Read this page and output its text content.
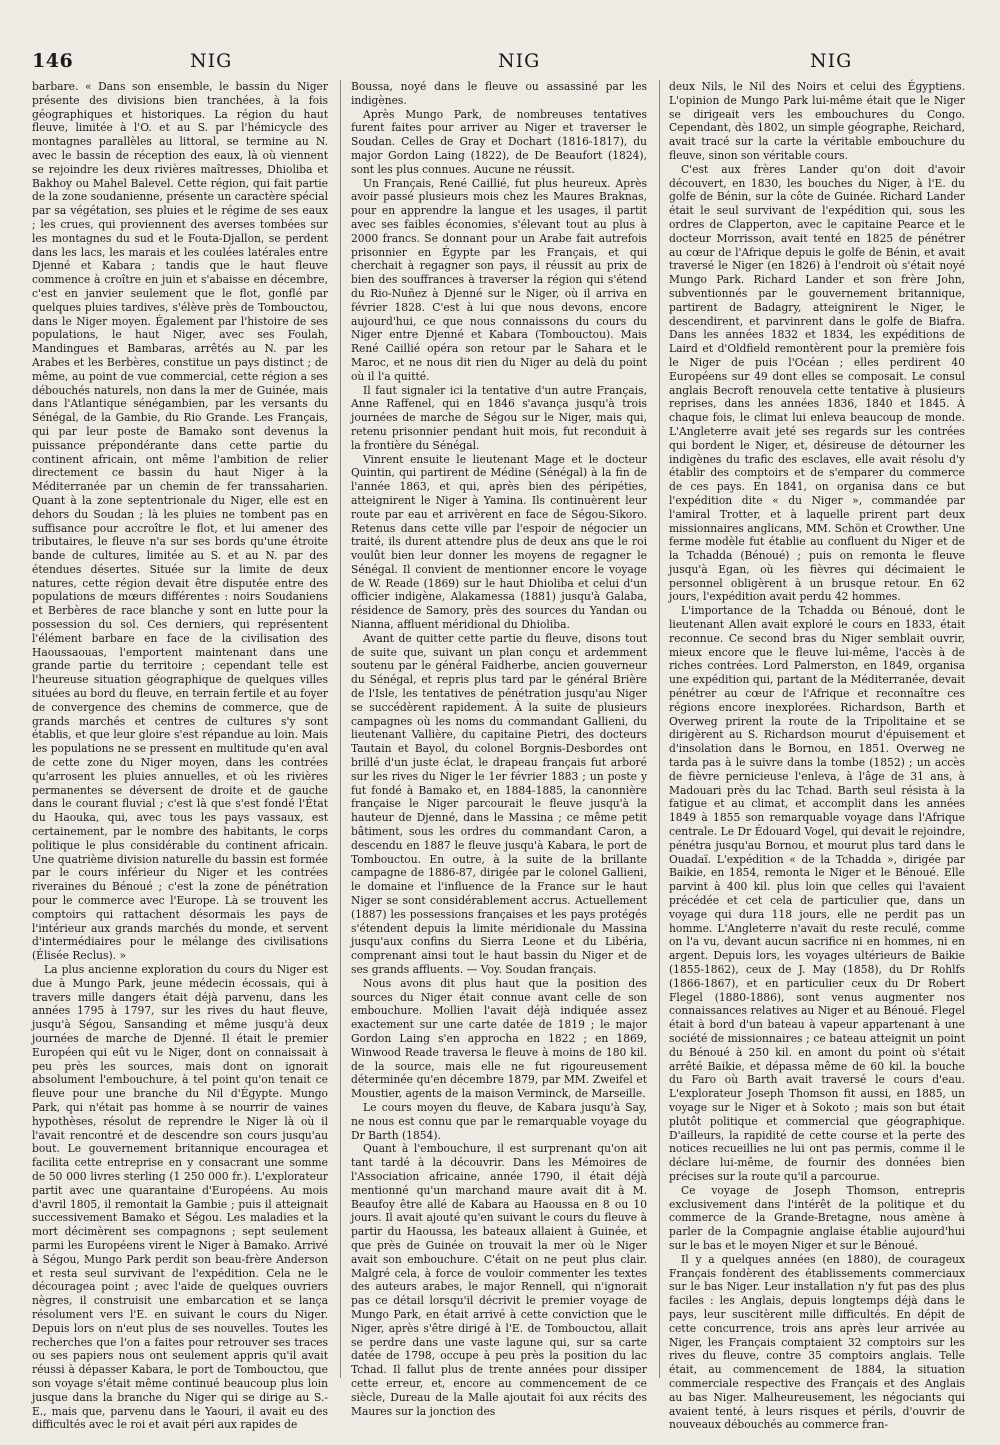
146	NIG	NIG	NIG

barbare. « Dans son ensemble, le bassin du Niger présente des divisions bien tranchées, à la fois géographiques et historiques. La région du haut fleuve, limitée à l'O. et au S. par l'hémicycle des montagnes parallèles au littoral, se termine au N. avec le bassin de réception des eaux, là où viennent se rejoindre les deux rivières maîtresses, Dhioliba et Bakhoy ou Mahel Balevel. Cette région, qui fait partie de la zone soudanienne, présente un caractère spécial par sa végétation, ses pluies et le régime de ses eaux ; les crues, qui proviennent des averses tombées sur les montagnes du sud et le Fouta-Djallon, se perdent dans les lacs, les marais et les coulées latérales entre Djenné et Kabara ; tandis que le haut fleuve commence à croître en juin et s'abaisse en décembre, c'est en janvier seulement que le flot, gonflé par quelques pluies tardives, s'élève près de Tombouctou, dans le Niger moyen. Également par l'histoire de ses populations, le haut Niger, avec ses Foulah, Mandingues et Bambaras, arrêtés au N. par les Arabes et les Berbères, constitue un pays distinct ; de même, au point de vue commercial, cette région a ses débouchés naturels, non dans la mer de Guinée, mais dans l'Atlantique sénégambien, par les versants du Sénégal, de la Gambie, du Rio Grande. Les Français, qui par leur poste de Bamako sont devenus la puissance prépondérante dans cette partie du continent africain, ont même l'ambition de relier directement ce bassin du haut Niger à la Méditerranée par un chemin de fer transsaharien. Quant à la zone septentrionale du Niger, elle est en dehors du Soudan ; là les pluies ne tombent pas en suffisance pour accroître le flot, et lui amener des tributaires, le fleuve n'a sur ses bords qu'une étroite bande de cultures, limitée au S. et au N. par des étendues désertes. Située sur la limite de deux natures, cette région devait être disputée entre des populations de mœurs différentes : noirs Soudaniens et Berbères de race blanche y sont en lutte pour la possession du sol. Ces derniers, qui représentent l'élément barbare en face de la civilisation des Haoussaouas, l'emportent maintenant dans une grande partie du territoire ; cependant telle est l'heureuse situation géographique de quelques villes situées au bord du fleuve, en terrain fertile et au foyer de convergence des chemins de commerce, que de grands marchés et centres de cultures s'y sont établis, et que leur gloire s'est répandue au loin. Mais les populations ne se pressent en multitude qu'en aval de cette zone du Niger moyen, dans les contrées qu'arrosent les pluies annuelles, et où les rivières permanentes se déversent de droite et de gauche dans le courant fluvial ; c'est là que s'est fondé l'État du Haouka, qui, avec tous les pays vassaux, est certainement, par le nombre des habitants, le corps politique le plus considérable du continent africain. Une quatrième division naturelle du bassin est formée par le cours inférieur du Niger et les contrées riveraines du Bénoué ; c'est la zone de pénétration pour le commerce avec l'Europe. Là se trouvent les comptoirs qui rattachent désormais les pays de l'intérieur aux grands marchés du monde, et servent d'intermédiaires pour le mélange des civilisations (Élisée Reclus). »

La plus ancienne exploration du cours du Niger est due à Mungo Park, jeune médecin écossais, qui à travers mille dangers était déjà parvenu, dans les années 1795 à 1797, sur les rives du haut fleuve, jusqu'à Ségou, Sansanding et même jusqu'à deux journées de marche de Djenné. Il était le premier Européen qui eût vu le Niger, dont on connaissait à peu près les sources, mais dont on ignorait absolument l'embouchure, à tel point qu'on tenait ce fleuve pour une branche du Nil d'Égypte. Mungo Park, qui n'était pas homme à se nourrir de vaines hypothèses, résolut de reprendre le Niger là où il l'avait rencontré et de descendre son cours jusqu'au bout. Le gouvernement britannique encouragea et facilita cette entreprise en y consacrant une somme de 50 000 livres sterling (1 250 000 fr.). L'explorateur partit avec une quarantaine d'Européens. Au mois d'avril 1805, il remontait la Gambie ; puis il atteignait successivement Bamako et Ségou. Les maladies et la mort décimèrent ses compagnons ; sept seulement parmi les Européens virent le Niger à Bamako. Arrivé à Ségou, Mungo Park perdit son beau-frère Anderson et resta seul survivant de l'expédition. Cela ne le découragea point ; avec l'aide de quelques ouvriers nègres, il construisit une embarcation et se lança résolument vers l'E. en suivant le cours du Niger. Depuis lors on n'eut plus de ses nouvelles. Toutes les recherches que l'on a faites pour retrouver ses traces ou ses papiers nous ont seulement appris qu'il avait réussi à dépasser Kabara, le port de Tombouctou, que son voyage s'était même continué beaucoup plus loin jusque dans la branche du Niger qui se dirige au S.-E., mais que, parvenu dans le Yaouri, il avait eu des difficultés avec le roi et avait péri aux rapides de

Boussa, noyé dans le fleuve ou assassiné par les indigènes.

Après Mungo Park, de nombreuses tentatives furent faites pour arriver au Niger et traverser le Soudan. Celles de Gray et Dochart (1816-1817), du major Gordon Laing (1822), de De Beaufort (1824), sont les plus connues. Aucune ne réussit.

Un Français, René Caillié, fut plus heureux. Après avoir passé plusieurs mois chez les Maures Braknas, pour en apprendre la langue et les usages, il partit avec ses faibles économies, s'élevant tout au plus à 2000 francs. Se donnant pour un Arabe fait autrefois prisonnier en Égypte par les Français, et qui cherchait à regagner son pays, il réussit au prix de bien des souffrances à traverser la région qui s'étend du Rio-Nuñez à Djenné sur le Niger, où il arriva en février 1828. C'est à lui que nous devons, encore aujourd'hui, ce que nous connaissons du cours du Niger entre Djenné et Kabara (Tombouctou). Mais René Caillié opéra son retour par le Sahara et le Maroc, et ne nous dit rien du Niger au delà du point où il l'a quitté.

Il faut signaler ici la tentative d'un autre Français, Anne Raffenel, qui en 1846 s'avança jusqu'à trois journées de marche de Ségou sur le Niger, mais qui, retenu prisonnier pendant huit mois, fut reconduit à la frontière du Sénégal.

Vinrent ensuite le lieutenant Mage et le docteur Quintin, qui partirent de Médine (Sénégal) à la fin de l'année 1863, et qui, après bien des péripéties, atteignirent le Niger à Yamina. Ils continuèrent leur route par eau et arrivèrent en face de Ségou-Sikoro. Retenus dans cette ville par l'espoir de négocier un traité, ils durent attendre plus de deux ans que le roi voulût bien leur donner les moyens de regagner le Sénégal. Il convient de mentionner encore le voyage de W. Reade (1869) sur le haut Dhioliba et celui d'un officier indigène, Alakamessa (1881) jusqu'à Galaba, résidence de Samory, près des sources du Yandan ou Nianna, affluent méridional du Dhioliba.

Avant de quitter cette partie du fleuve, disons tout de suite que, suivant un plan conçu et ardemment soutenu par le général Faidherbe, ancien gouverneur du Sénégal, et repris plus tard par le général Brière de l'Isle, les tentatives de pénétration jusqu'au Niger se succédèrent rapidement. À la suite de plusieurs campagnes où les noms du commandant Gallieni, du lieutenant Vallière, du capitaine Pietri, des docteurs Tautain et Bayol, du colonel Borgnis-Desbordes ont brillé d'un juste éclat, le drapeau français fut arboré sur les rives du Niger le 1er février 1883 ; un poste y fut fondé à Bamako et, en 1884-1885, la canonnière française le Niger parcourait le fleuve jusqu'à la hauteur de Djenné, dans le Massina ; ce même petit bâtiment, sous les ordres du commandant Caron, a descendu en 1887 le fleuve jusqu'à Kabara, le port de Tombouctou. En outre, à la suite de la brillante campagne de 1886-87, dirigée par le colonel Gallieni, le domaine et l'influence de la France sur le haut Niger se sont considérablement accrus. Actuellement (1887) les possessions françaises et les pays protégés s'étendent depuis la limite méridionale du Massina jusqu'aux confins du Sierra Leone et du Libéria, comprenant ainsi tout le haut bassin du Niger et de ses grands affluents. — Voy. Soudan français.

Nous avons dit plus haut que la position des sources du Niger était connue avant celle de son embouchure. Mollien l'avait déjà indiquée assez exactement sur une carte datée de 1819 ; le major Gordon Laing s'en approcha en 1822 ; en 1869, Winwood Reade traversa le fleuve à moins de 180 kil. de la source, mais elle ne fut rigoureusement déterminée qu'en décembre 1879, par MM. Zweifel et Moustier, agents de la maison Verminck, de Marseille.

Le cours moyen du fleuve, de Kabara jusqu'à Say, ne nous est connu que par le remarquable voyage du Dr Barth (1854).

Quant à l'embouchure, il est surprenant qu'on ait tant tardé à la découvrir. Dans les Mémoires de l'Association africaine, année 1790, il était déjà mentionné qu'un marchand maure avait dit à M. Beaufoy être allé de Kabara au Haoussa en 8 ou 10 jours. Il avait ajouté qu'en suivant le cours du fleuve à partir du Haoussa, les bateaux allaient à Guinée, et que près de Guinée on trouvait la mer où le Niger avait son embouchure. C'était on ne peut plus clair. Malgré cela, à force de vouloir commenter les textes des auteurs arabes, le major Rennell, qui n'ignorait pas ce détail lorsqu'il décrivit le premier voyage de Mungo Park, en était arrivé à cette conviction que le Niger, après s'être dirigé à l'E. de Tombouctou, allait se perdre dans une vaste lagune qui, sur sa carte datée de 1798, occupe à peu près la position du lac Tchad. Il fallut plus de trente années pour dissiper cette erreur, et, encore au commencement de ce siècle, Dureau de la Malle ajoutait foi aux récits des Maures sur la jonction des

deux Nils, le Nil des Noirs et celui des Égyptiens. L'opinion de Mungo Park lui-même était que le Niger se dirigeait vers les embouchures du Congo. Cependant, dès 1802, un simple géographe, Reichard, avait tracé sur la carte la véritable embouchure du fleuve, sinon son véritable cours.

C'est aux frères Lander qu'on doit d'avoir découvert, en 1830, les bouches du Niger, à l'E. du golfe de Bénin, sur la côte de Guinée. Richard Lander était le seul survivant de l'expédition qui, sous les ordres de Clapperton, avec le capitaine Pearce et le docteur Morrisson, avait tenté en 1825 de pénétrer au cœur de l'Afrique depuis le golfe de Bénin, et avait traversé le Niger (en 1826) à l'endroit où s'était noyé Mungo Park. Richard Lander et son frère John, subventionnés par le gouvernement britannique, partirent de Badagry, atteignirent le Niger, le descendirent, et parvinrent dans le golfe de Biafra. Dans les années 1832 et 1834, les expéditions de Laird et d'Oldfield remontèrent pour la première fois le Niger de puis l'Océan ; elles perdirent 40 Européens sur 49 dont elles se composait. Le consul anglais Becroft renouvela cette tentative à plusieurs reprises, dans les années 1836, 1840 et 1845. À chaque fois, le climat lui enleva beaucoup de monde. L'Angleterre avait jeté ses regards sur les contrées qui bordent le Niger, et, désireuse de détourner les indigènes du trafic des esclaves, elle avait résolu d'y établir des comptoirs et de s'emparer du commerce de ces pays. En 1841, on organisa dans ce but l'expédition dite « du Niger », commandée par l'amiral Trotter, et à laquelle prirent part deux missionnaires anglicans, MM. Schön et Crowther. Une ferme modèle fut établie au confluent du Niger et de la Tchadda (Bénoué) ; puis on remonta le fleuve jusqu'à Egan, où les fièvres qui décimaient le personnel obligèrent à un brusque retour. En 62 jours, l'expédition avait perdu 42 hommes.

L'importance de la Tchadda ou Bénoué, dont le lieutenant Allen avait exploré le cours en 1833, était reconnue. Ce second bras du Niger semblait ouvrir, mieux encore que le fleuve lui-même, l'accès à de riches contrées. Lord Palmerston, en 1849, organisa une expédition qui, partant de la Méditerranée, devait pénétrer au cœur de l'Afrique et reconnaître ces régions encore inexplorées. Richardson, Barth et Overweg prirent la route de la Tripolitaine et se dirigèrent au S. Richardson mourut d'épuisement et d'insolation dans le Bornou, en 1851. Overweg ne tarda pas à le suivre dans la tombe (1852) ; un accès de fièvre pernicieuse l'enleva, à l'âge de 31 ans, à Madouari près du lac Tchad. Barth seul résista à la fatigue et au climat, et accomplit dans les années 1849 à 1855 son remarquable voyage dans l'Afrique centrale. Le Dr Édouard Vogel, qui devait le rejoindre, pénétra jusqu'au Bornou, et mourut plus tard dans le Ouadaï. L'expédition « de la Tchadda », dirigée par Baikie, en 1854, remonta le Niger et le Bénoué. Elle parvint à 400 kil. plus loin que celles qui l'avaient précédée et cet cela de particulier que, dans un voyage qui dura 118 jours, elle ne perdit pas un homme. L'Angleterre n'avait du reste reculé, comme on l'a vu, devant aucun sacrifice ni en hommes, ni en argent. Depuis lors, les voyages ultérieurs de Baikie (1855-1862), ceux de J. May (1858), du Dr Rohlfs (1866-1867), et en particulier ceux du Dr Robert Flegel (1880-1886), sont venus augmenter nos connaissances relatives au Niger et au Bénoué. Flegel était à bord d'un bateau à vapeur appartenant à une société de missionnaires ; ce bateau atteignit un point du Bénoué à 250 kil. en amont du point où s'était arrêté Baikie, et dépassa même de 60 kil. la bouche du Faro où Barth avait traversé le cours d'eau. L'explorateur Joseph Thomson fit aussi, en 1885, un voyage sur le Niger et à Sokoto ; mais son but était plutôt politique et commercial que géographique. D'ailleurs, la rapidité de cette course et la perte des notices recueillies ne lui ont pas permis, comme il le déclare lui-même, de fournir des données bien précises sur la route qu'il a parcourue.

Ce voyage de Joseph Thomson, entrepris exclusivement dans l'intérêt de la politique et du commerce de la Grande-Bretagne, nous amène à parler de la Compagnie anglaise établie aujourd'hui sur le bas et le moyen Niger et sur le Bénoué.

Il y a quelques années (en 1880), de courageux Français fondèrent des établissements commerciaux sur le bas Niger. Leur installation n'y fut pas des plus faciles : les Anglais, depuis longtemps déjà dans le pays, leur suscitèrent mille difficultés. En dépit de cette concurrence, trois ans après leur arrivée au Niger, les Français comptaient 32 comptoirs sur les rives du fleuve, contre 35 comptoirs anglais. Telle était, au commencement de 1884, la situation commerciale respective des Français et des Anglais au bas Niger. Malheureusement, les négociants qui avaient tenté, à leurs risques et périls, d'ouvrir de nouveaux débouchés au commerce fran-
